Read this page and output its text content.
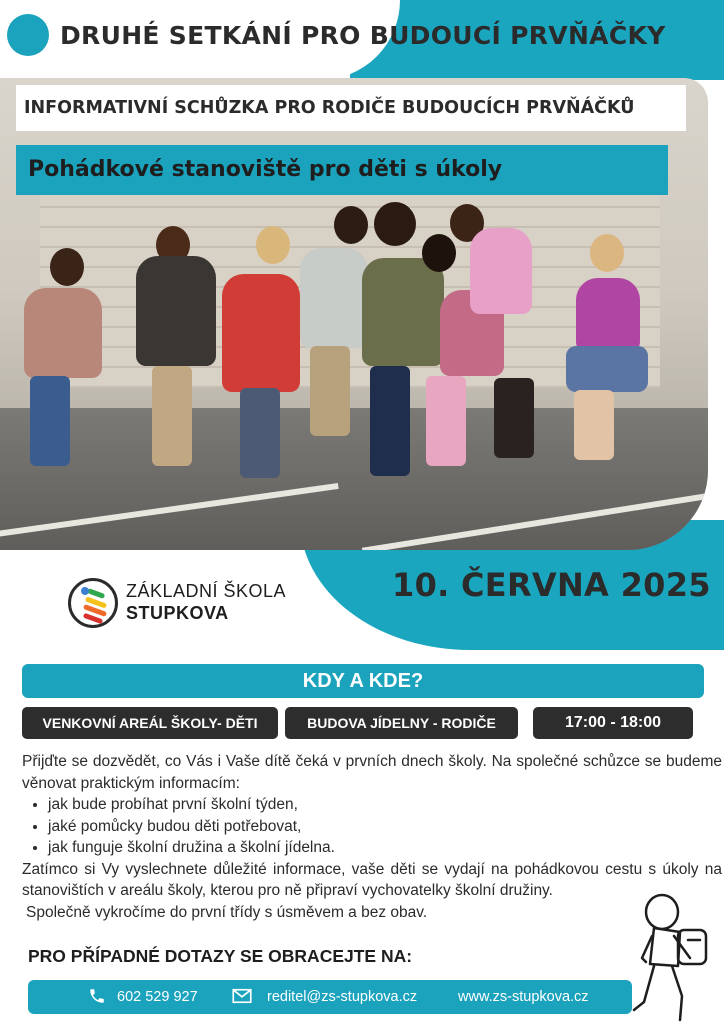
DRUHÉ SETKÁNÍ PRO BUDOUCÍ PRVŇÁČKY
INFORMATIVNÍ SCHŮZKA PRO RODIČE BUDOUCÍCH PRVŇÁČKŮ
Pohádkové stanoviště pro děti s úkoly
ZÁKLADNÍ ŠKOLA
STUPKOVA
10. ČERVNA 2025
KDY A KDE?
VENKOVNÍ AREÁL ŠKOLY- DĚTI	BUDOVA JÍDELNY - RODIČE	17:00 - 18:00

Přijďte se dozvědět, co Vás i Vaše dítě čeká v prvních dnech školy. Na společné schůzce se budeme věnovat praktickým informacím:

• jak bude probíhat první školní týden,
• jaké pomůcky budou děti potřebovat,
• jak funguje školní družina a školní jídelna.

Zatímco si Vy vyslechnete důležité informace, vaše děti se vydají na pohádkovou cestu s úkoly na stanovištích v areálu školy, kterou pro ně připraví vychovatelky školní družiny.

Společně vykročíme do první třídy s úsměvem a bez obav.

PRO PŘÍPADNÉ DOTAZY SE OBRACEJTE NA:
602 529 927	reditel@zs-stupkova.cz	www.zs-stupkova.cz
